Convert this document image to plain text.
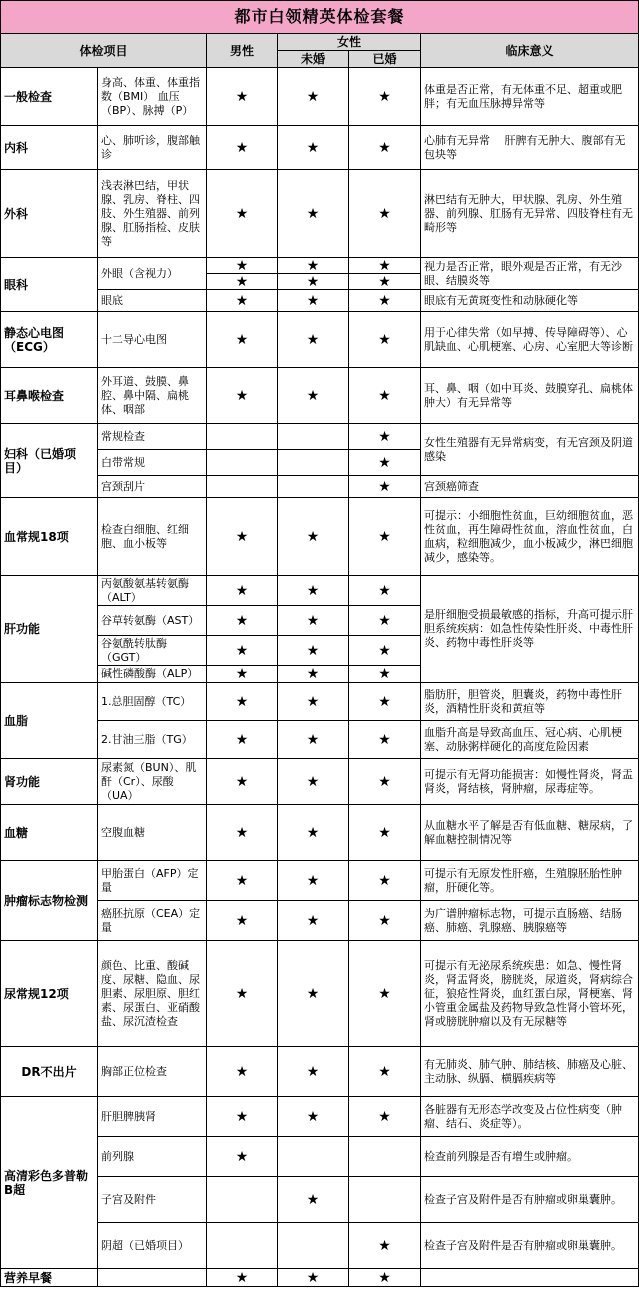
都市白领精英体检套餐					
体检项目		男性	女性		临床意义
			未婚	已婚	
一般检查	身高、体重、体重指数（BMI） 血压（BP）、脉搏（P）	★	★	★	体重是否正常，有无体重不足、超重或肥胖；有无血压脉搏异常等
内科	心、肺听诊，腹部触诊	★	★	★	心肺有无异常　 肝脾有无肿大、腹部有无包块等
外科	浅表淋巴结，甲状腺、乳房、脊柱、四肢、外生殖器、前列腺、肛肠指检、皮肤等	★	★	★	淋巴结有无肿大，甲状腺、乳房、外生殖器、前列腺、肛肠有无异常、四肢脊柱有无畸形等
眼科	外眼（含视力）	★	★	★	视力是否正常，眼外观是否正常，有无沙眼、结膜炎等
		★	★	★	
	眼底	★	★	★	眼底有无黄斑变性和动脉硬化等
静态心电图（ECG）	十二导心电图	★	★	★	用于心律失常（如早搏、传导障碍等）、心肌缺血、心肌梗塞、心房、心室肥大等诊断
耳鼻喉检查	外耳道、鼓膜、鼻腔、鼻中隔、扁桃体、咽部	★	★	★	耳、鼻、咽（如中耳炎、鼓膜穿孔、扁桃体肿大）有无异常等
妇科（已婚项目）	常规检查			★	女性生殖器有无异常病变，有无宫颈及阴道感染
	白带常规			★	
	宫颈刮片			★	宫颈癌筛查
血常规18项	检查白细胞、红细胞、血小板等	★	★	★	可提示：小细胞性贫血，巨幼细胞贫血，恶性贫血，再生障碍性贫血，溶血性贫血，白血病，粒细胞减少，血小板减少，淋巴细胞减少，感染等。
肝功能	丙氨酸氨基转氨酶（ALT）	★	★	★	是肝细胞受损最敏感的指标，升高可提示肝胆系统疾病：如急性传染性肝炎、中毒性肝炎、药物中毒性肝炎等
	谷草转氨酶（AST）	★	★	★	
	谷氨酰转肽酶（GGT）	★	★	★	
	碱性磷酸酶（ALP）	★	★	★	
血脂	1.总胆固醇（TC）	★	★	★	脂肪肝，胆管炎，胆囊炎，药物中毒性肝炎，酒精性肝炎和黄疸等
	2.甘油三脂（TG）	★	★	★	血脂升高是导致高血压、冠心病、心肌梗塞、动脉粥样硬化的高度危险因素
肾功能	尿素氮（BUN）、肌酐（Cr）、尿酸（UA）	★	★	★	可提示有无肾功能损害：如慢性肾炎，肾盂肾炎，肾结核，肾肿瘤，尿毒症等。
血糖	空腹血糖	★	★	★	从血糖水平了解是否有低血糖、糖尿病，了解血糖控制情况等
肿瘤标志物检测	甲胎蛋白（AFP）定量	★	★	★	可提示有无原发性肝癌，生殖腺胚胎性肿瘤，肝硬化等。
	癌胚抗原（CEA）定量	★	★	★	为广谱肿瘤标志物，可提示直肠癌、结肠癌、肺癌、乳腺癌、胰腺癌等
尿常规12项	颜色、比重、酸碱度、尿糖、隐血、尿胆素、尿胆原、胆红素、尿蛋白、亚硝酸盐、尿沉渣检查	★	★	★	可提示有无泌尿系统疾患：如急、慢性肾炎，肾盂肾炎，膀胱炎，尿道炎，肾病综合征，狼疮性肾炎，血红蛋白尿，肾梗塞、肾小管重金属盐及药物导致急性肾小管坏死，肾或膀胱肿瘤以及有无尿糖等
DR不出片	胸部正位检查	★	★	★	有无肺炎、肺气肿、肺结核、肺癌及心脏、主动脉、纵膈、横膈疾病等
高清彩色多普勒B超	肝胆脾胰肾	★	★	★	各脏器有无形态学改变及占位性病变（肿瘤、结石、炎症等）。
	前列腺	★			检查前列腺是否有增生或肿瘤。
	子宫及附件		★		检查子宫及附件是否有肿瘤或卵巢囊肿。
	阴超（已婚项目）			★	检查子宫及附件是否有肿瘤或卵巢囊肿。
营养早餐		★	★	★	
